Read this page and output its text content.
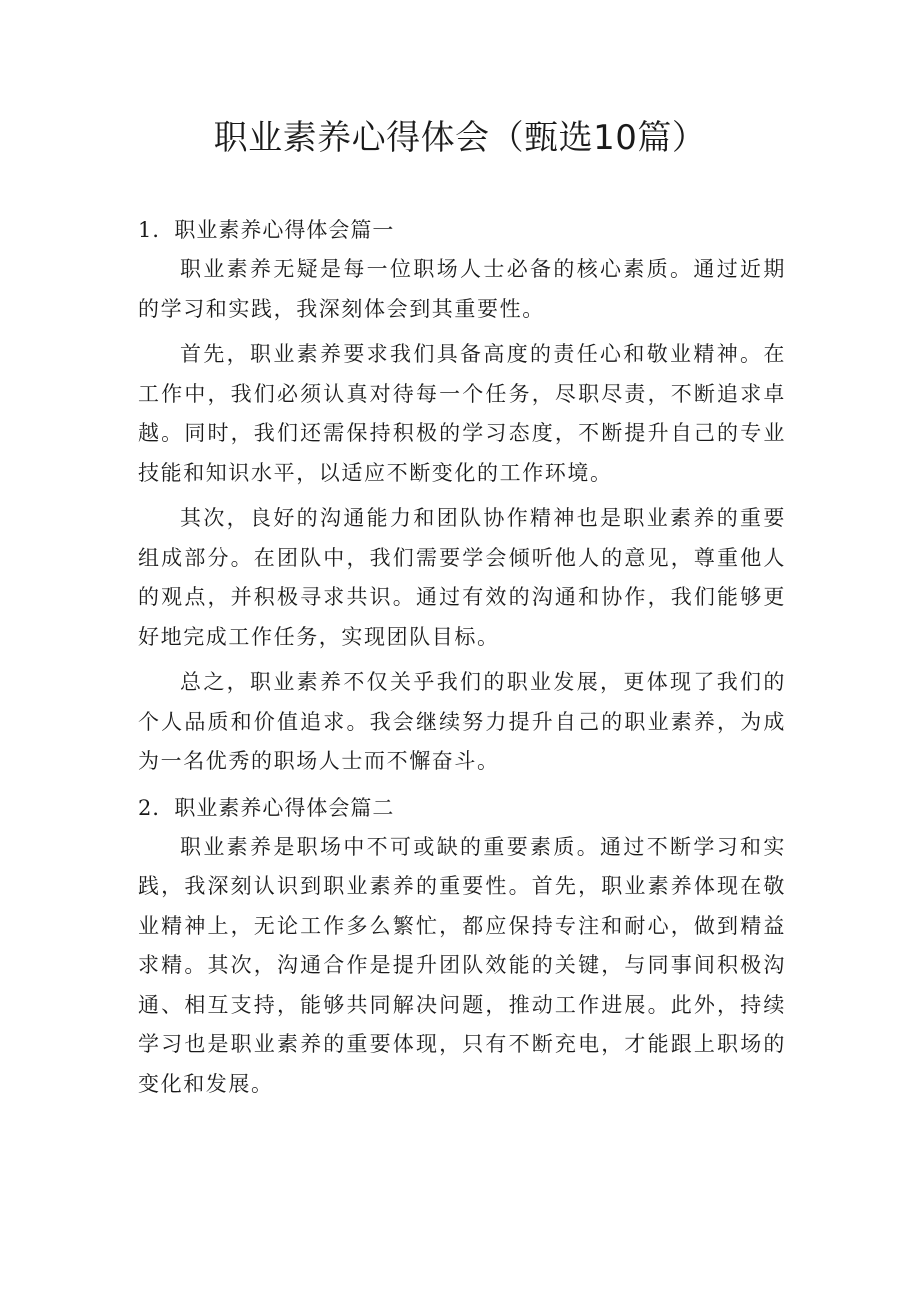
职业素养心得体会（甄选10篇）

1．职业素养心得体会篇一

职业素养无疑是每一位职场人士必备的核心素质。通过近期的学习和实践，我深刻体会到其重要性。

首先，职业素养要求我们具备高度的责任心和敬业精神。在工作中，我们必须认真对待每一个任务，尽职尽责，不断追求卓越。同时，我们还需保持积极的学习态度，不断提升自己的专业技能和知识水平，以适应不断变化的工作环境。

其次，良好的沟通能力和团队协作精神也是职业素养的重要组成部分。在团队中，我们需要学会倾听他人的意见，尊重他人的观点，并积极寻求共识。通过有效的沟通和协作，我们能够更好地完成工作任务，实现团队目标。

总之，职业素养不仅关乎我们的职业发展，更体现了我们的个人品质和价值追求。我会继续努力提升自己的职业素养，为成为一名优秀的职场人士而不懈奋斗。

2．职业素养心得体会篇二

职业素养是职场中不可或缺的重要素质。通过不断学习和实践，我深刻认识到职业素养的重要性。首先，职业素养体现在敬业精神上，无论工作多么繁忙，都应保持专注和耐心，做到精益求精。其次，沟通合作是提升团队效能的关键，与同事间积极沟通、相互支持，能够共同解决问题，推动工作进展。此外，持续学习也是职业素养的重要体现，只有不断充电，才能跟上职场的变化和发展。
